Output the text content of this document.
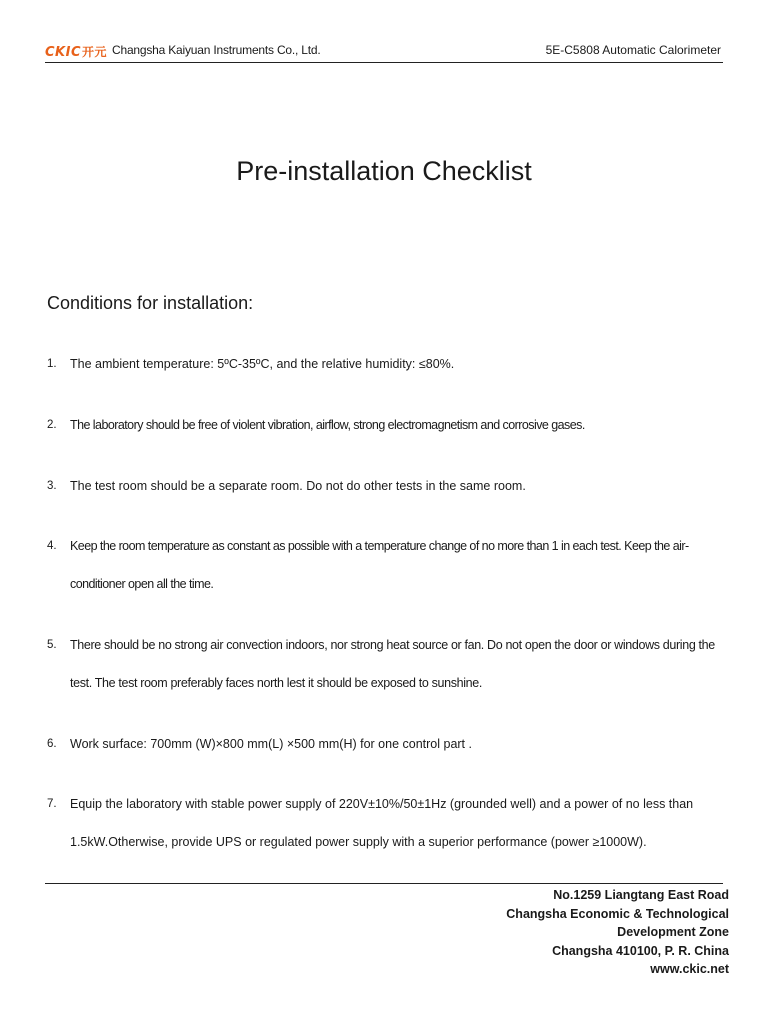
CKIC开元 Changsha Kaiyuan Instruments Co., Ltd.	5E-C5808 Automatic Calorimeter
Pre-installation Checklist
Conditions for installation:
1. The ambient temperature: 5ºC-35ºC, and the relative humidity: ≤80%.
2. The laboratory should be free of violent vibration, airflow, strong electromagnetism and corrosive gases.
3. The test room should be a separate room. Do not do other tests in the same room.
4. Keep the room temperature as constant as possible with a temperature change of no more than 1 in each test. Keep the air-conditioner open all the time.
5. There should be no strong air convection indoors, nor strong heat source or fan. Do not open the door or windows during the test. The test room preferably faces north lest it should be exposed to sunshine.
6. Work surface: 700mm (W)×800 mm(L) ×500 mm(H) for one control part .
7. Equip the laboratory with stable power supply of 220V±10%/50±1Hz (grounded well) and a power of no less than 1.5kW.Otherwise, provide UPS or regulated power supply with a superior performance (power ≥1000W).
No.1259 Liangtang East Road
Changsha Economic & Technological
Development Zone
Changsha 410100, P. R. China
www.ckic.net
